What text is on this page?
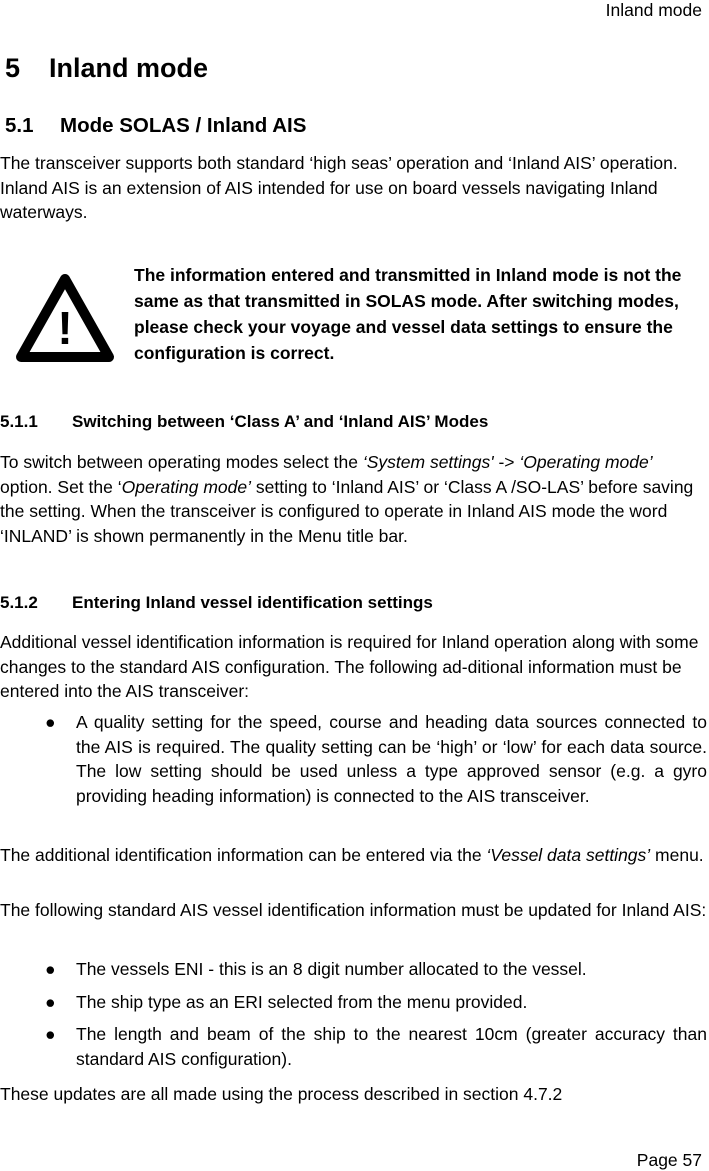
Inland mode
5 Inland mode
5.1 Mode SOLAS / Inland AIS
The transceiver supports both standard ‘high seas’ operation and ‘Inland AIS’ operation. Inland AIS is an extension of AIS intended for use on board vessels navigating Inland waterways.
!
The information entered and transmitted in Inland mode is not the same as that transmitted in SOLAS mode. After switching modes, please check your voyage and vessel data settings to ensure the configuration is correct.
5.1.1 Switching between ‘Class A’ and ‘Inland AIS’ Modes
To switch between operating modes select the ‘System settings' -> ‘Operating mode’ option. Set the ‘Operating mode’ setting to ‘Inland AIS’ or ‘Class A /SO-LAS’ before saving the setting. When the transceiver is configured to operate in Inland AIS mode the word ‘INLAND’ is shown permanently in the Menu title bar.
5.1.2 Entering Inland vessel identification settings
Additional vessel identification information is required for Inland operation along with some changes to the standard AIS configuration. The following ad-ditional information must be entered into the AIS transceiver:
● A quality setting for the speed, course and heading data sources connected to the AIS is required. The quality setting can be ‘high’ or ‘low’ for each data source. The low setting should be used unless a type approved sensor (e.g. a gyro providing heading information) is connected to the AIS transceiver.
The additional identification information can be entered via the ‘Vessel data settings’ menu.
The following standard AIS vessel identification information must be updated for Inland AIS:
● The vessels ENI - this is an 8 digit number allocated to the vessel.
● The ship type as an ERI selected from the menu provided.
● The length and beam of the ship to the nearest 10cm (greater accuracy than standard AIS configuration).
These updates are all made using the process described in section 4.7.2
Page 57
